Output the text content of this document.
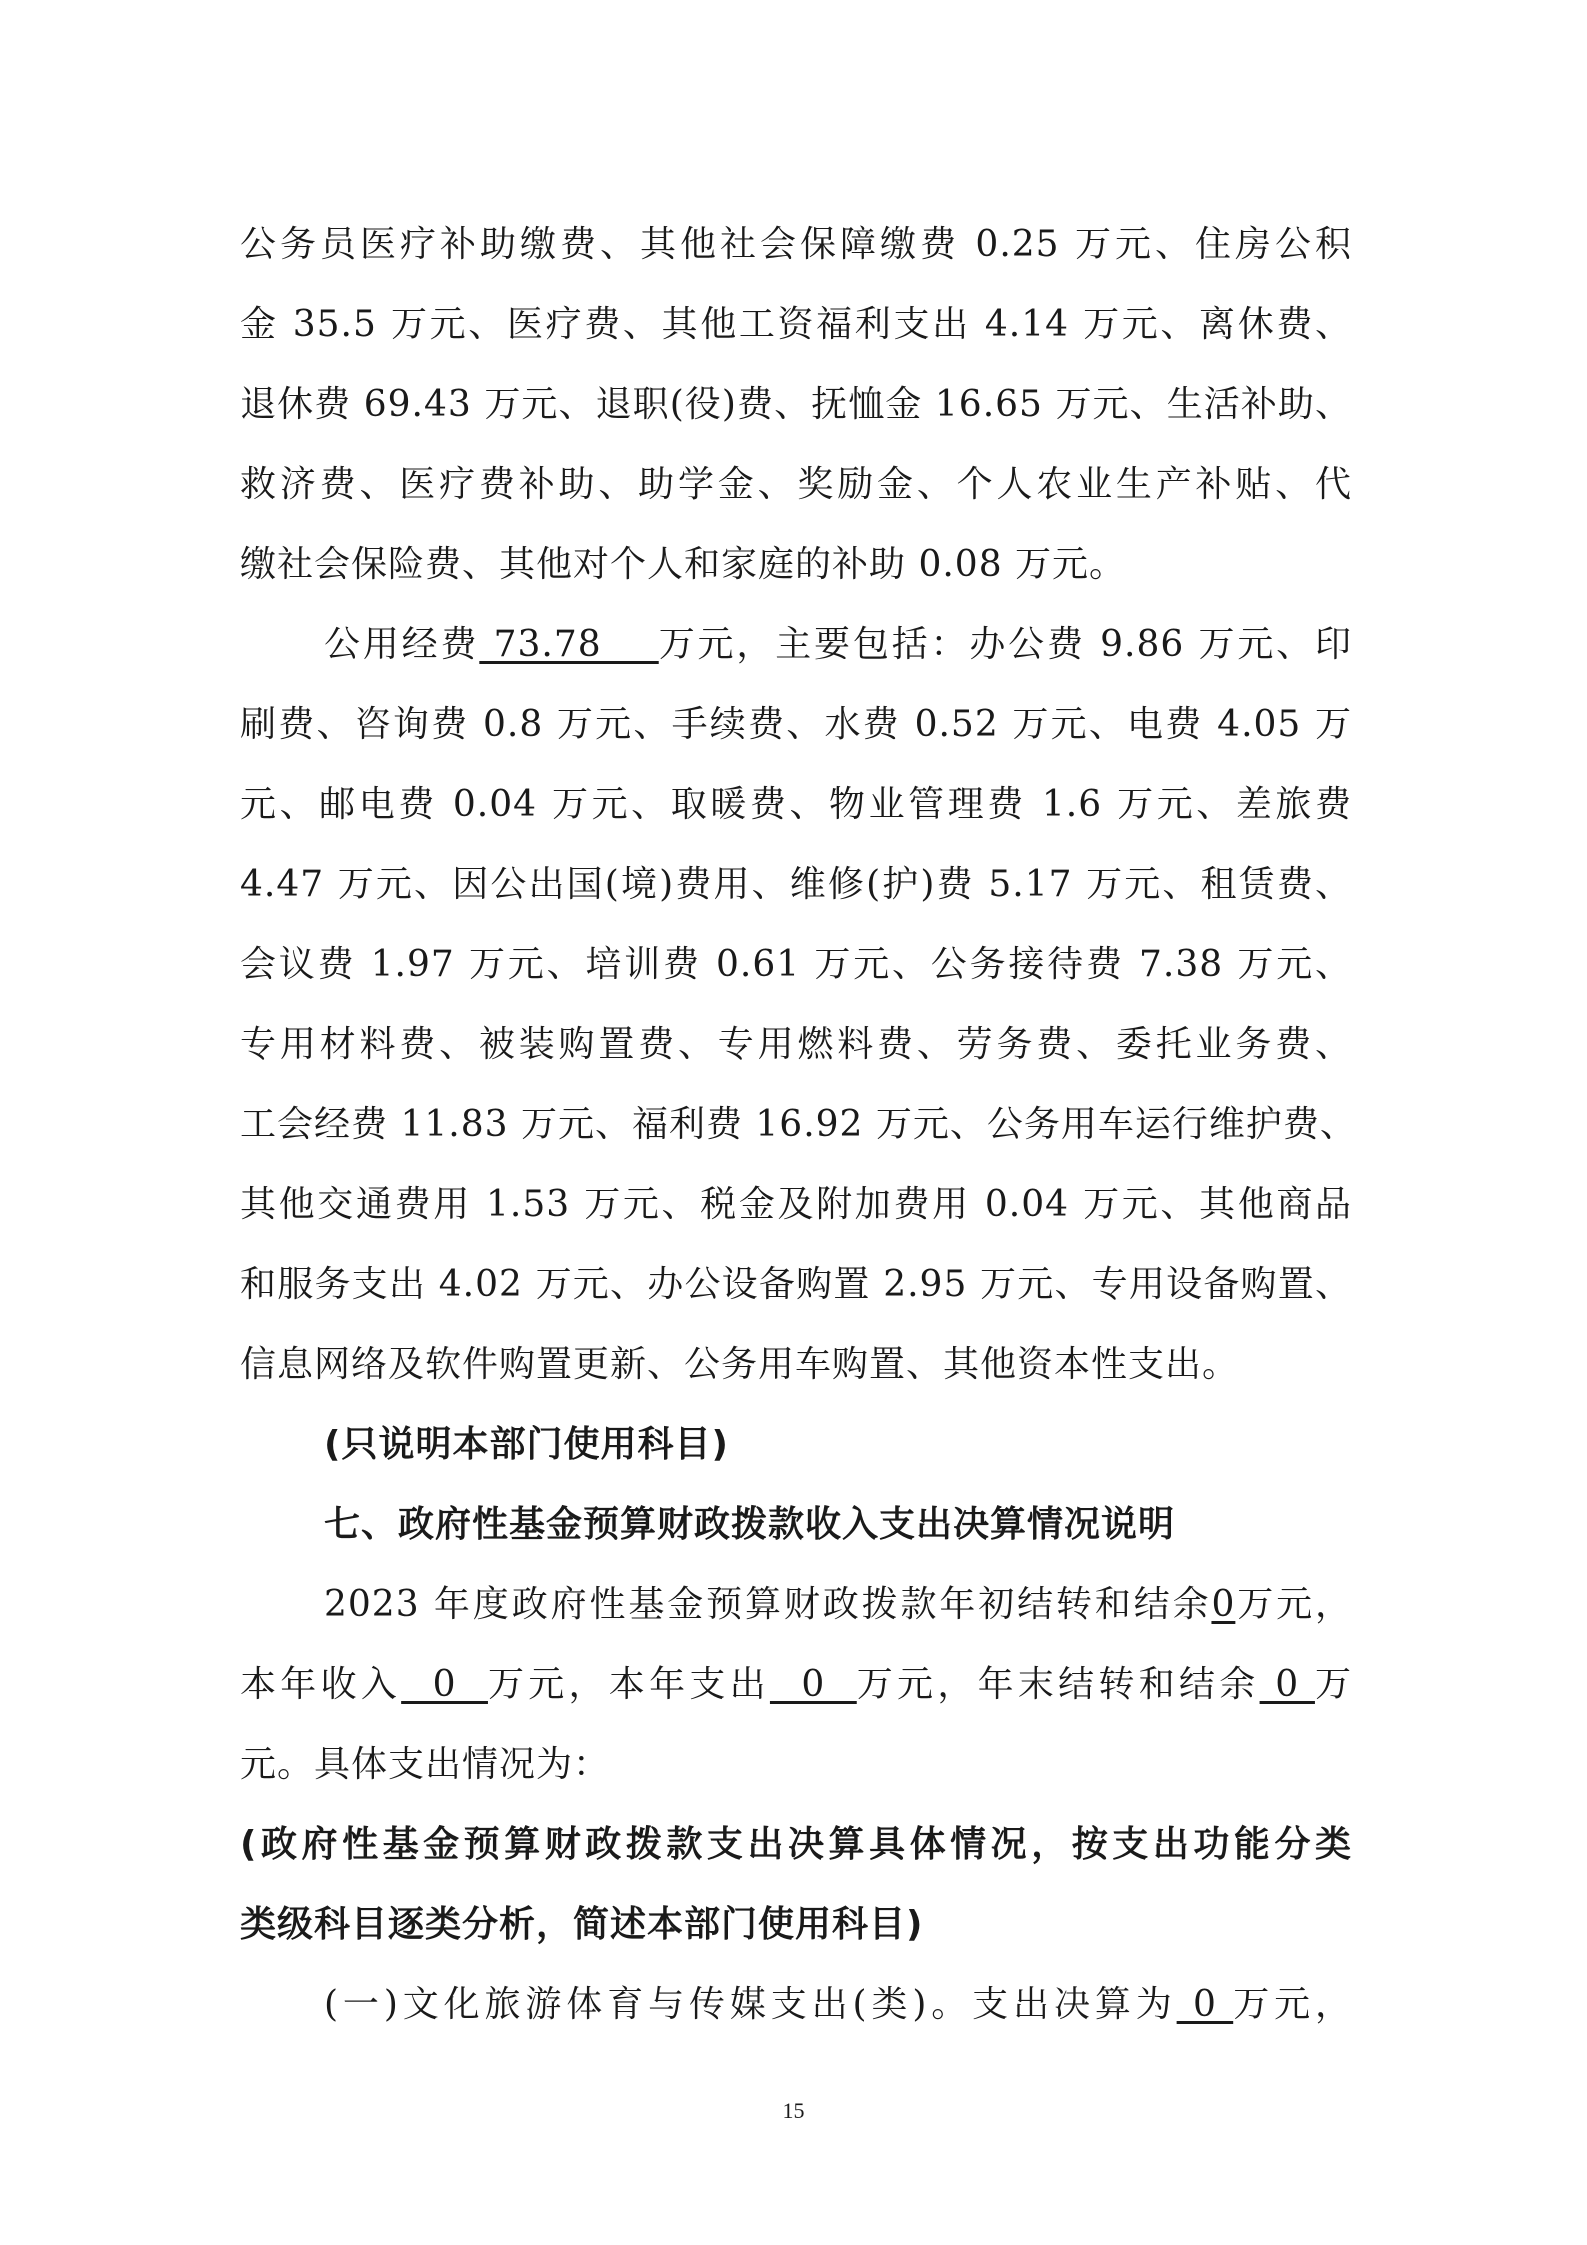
公务员医疗补助缴费、其他社会保障缴费 0.25 万元、住房公积

金 35.5 万元、医疗费、其他工资福利支出 4.14 万元、离休费、

退休费 69.43 万元、退职(役)费、抚恤金 16.65 万元、生活补助、

救济费、医疗费补助、助学金、奖励金、个人农业生产补贴、代

缴社会保险费、其他对个人和家庭的补助 0.08 万元。

公用经费 73.78    万元，主要包括：办公费 9.86 万元、印

刷费、咨询费 0.8 万元、手续费、水费 0.52 万元、电费 4.05 万

元、邮电费 0.04 万元、取暖费、物业管理费 1.6 万元、差旅费

4.47 万元、因公出国(境)费用、维修(护)费 5.17 万元、租赁费、

会议费 1.97 万元、培训费 0.61 万元、公务接待费 7.38 万元、

专用材料费、被装购置费、专用燃料费、劳务费、委托业务费、

工会经费 11.83 万元、福利费 16.92 万元、公务用车运行维护费、

其他交通费用 1.53 万元、税金及附加费用 0.04 万元、其他商品

和服务支出 4.02 万元、办公设备购置 2.95 万元、专用设备购置、

信息网络及软件购置更新、公务用车购置、其他资本性支出。

(只说明本部门使用科目)

七、政府性基金预算财政拨款收入支出决算情况说明

2023 年度政府性基金预算财政拨款年初结转和结余0万元，

本年收入  0  万元，本年支出  0  万元，年末结转和结余 0 万

元。具体支出情况为：

(政府性基金预算财政拨款支出决算具体情况，按支出功能分类

类级科目逐类分析，简述本部门使用科目)

(一)文化旅游体育与传媒支出(类)。支出决算为 0 万元，

15
